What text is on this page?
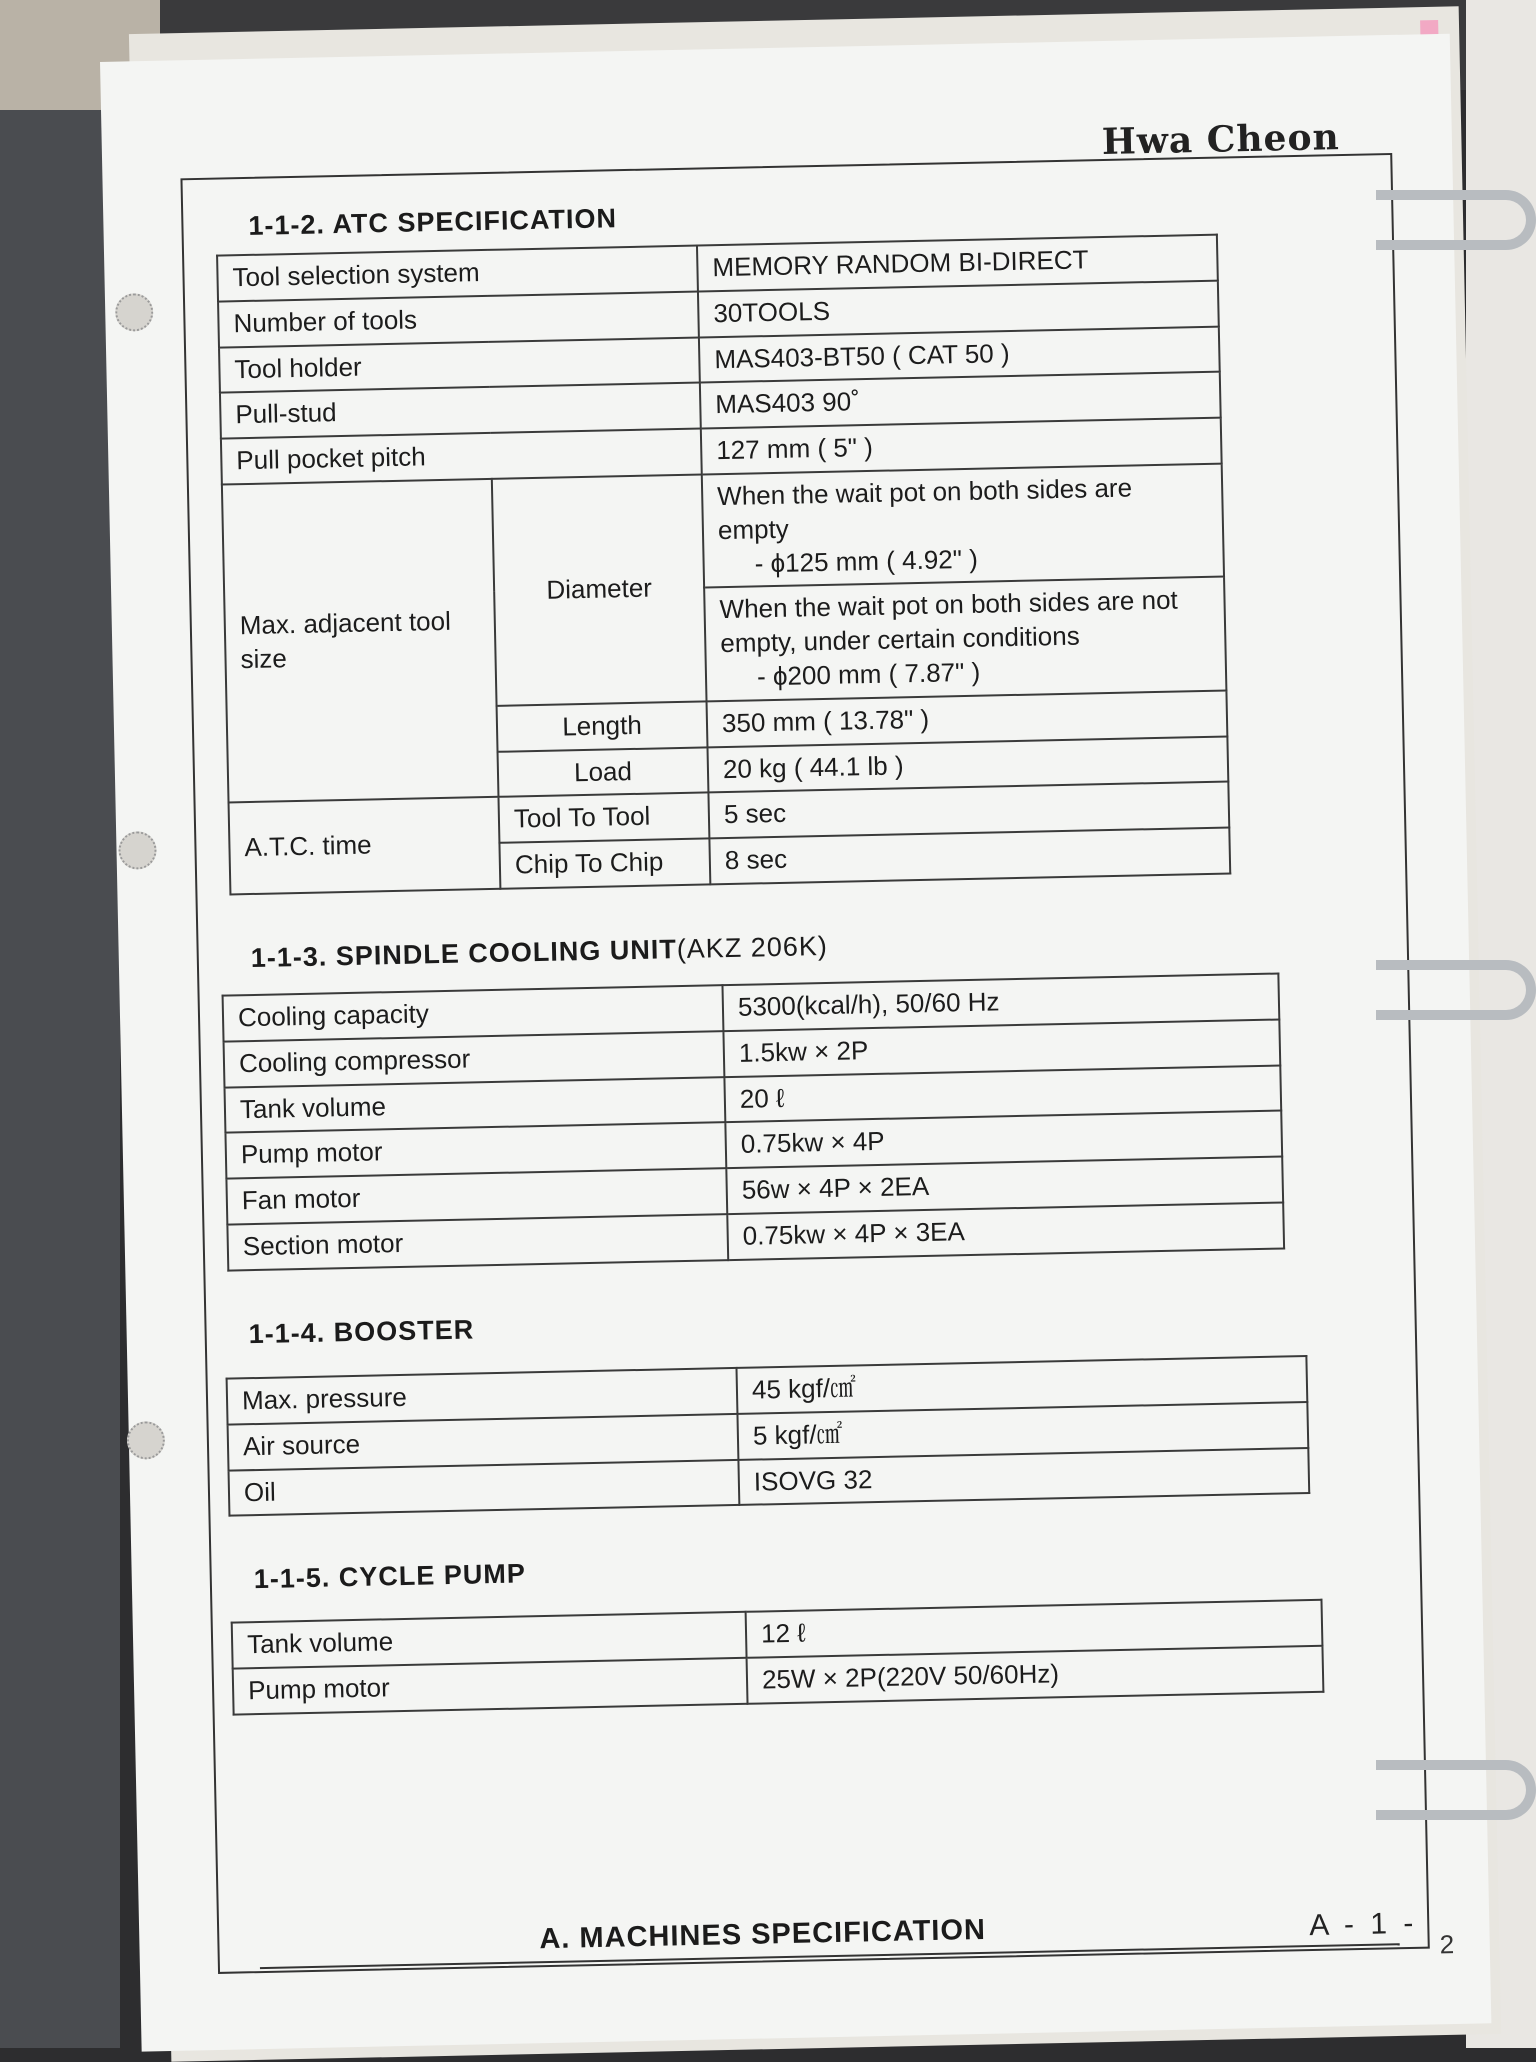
Hwa Cheon
1-1-2. ATC SPECIFICATION
Tool selection system		MEMORY RANDOM BI-DIRECT
Number of tools		30TOOLS
Tool holder		MAS403-BT50 ( CAT 50 )
Pull-stud		MAS403 90˚
Pull pocket pitch		127 mm ( 5" )
Max. adjacent tool size	Diameter	When the wait pot on both sides are empty
- ϕ125 mm ( 4.92" )

		When the wait pot on both sides are not empty, under certain conditions
- ϕ200 mm ( 7.87" )

	Length	350 mm ( 13.78" )
	Load	20 kg ( 44.1 lb )
A.T.C. time	Tool To Tool	5 sec
	Chip To Chip	8 sec
1-1-3. SPINDLE COOLING UNIT(AKZ 206K)
Cooling capacity	5300(kcal/h), 50/60 Hz
Cooling compressor	1.5kw × 2P
Tank volume	20 ℓ
Pump motor	0.75kw × 4P
Fan motor	56w × 4P × 2EA
Section motor	0.75kw × 4P × 3EA
1-1-4. BOOSTER
Max. pressure	45 kgf/㎠
Air source	5 kgf/㎠
Oil	ISOVG 32
1-1-5. CYCLE PUMP
Tank volume	12 ℓ
Pump motor	25W × 2P(220V 50/60Hz)
A. MACHINES SPECIFICATION	A - 1 -
2
